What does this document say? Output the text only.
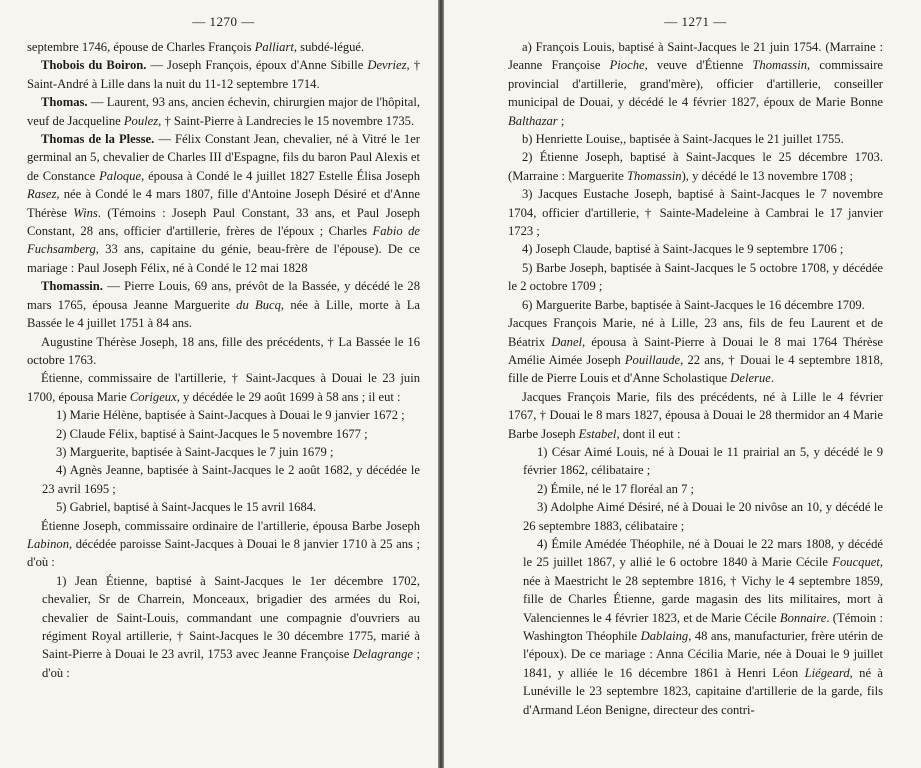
— 1270 —

septembre 1746, épouse de Charles François Palliart, subdé-légué.

Thobois du Boiron. — Joseph François, époux d'Anne Sibille Devriez, † Saint-André à Lille dans la nuit du 11-12 septembre 1714.

Thomas. — Laurent, 93 ans, ancien échevin, chirurgien major de l'hôpital, veuf de Jacqueline Poulez, † Saint-Pierre à Landrecies le 15 novembre 1735.

Thomas de la Plesse. — Félix Constant Jean, chevalier, né à Vitré le 1er germinal an 5, chevalier de Charles III d'Espagne, fils du baron Paul Alexis et de Constance Paloque, épousa à Condé le 4 juillet 1827 Estelle Élisa Joseph Rasez, née à Condé le 4 mars 1807, fille d'Antoine Joseph Désiré et d'Anne Thérèse Wins. (Témoins : Joseph Paul Constant, 33 ans, et Paul Joseph Constant, 28 ans, officier d'artillerie, frères de l'époux ; Charles Fabio de Fuchsamberg, 33 ans, capitaine du génie, beau-frère de l'épouse). De ce mariage : Paul Joseph Félix, né à Condé le 12 mai 1828

Thomassin. — Pierre Louis, 69 ans, prévôt de la Bassée, y décédé le 28 mars 1765, épousa Jeanne Marguerite du Bucq, née à Lille, morte à La Bassée le 4 juillet 1751 à 84 ans.

Augustine Thérèse Joseph, 18 ans, fille des précédents, † La Bassée le 16 octobre 1763.

Étienne, commissaire de l'artillerie, † Saint-Jacques à Douai le 23 juin 1700, épousa Marie Corigeux, y décédée le 29 août 1699 à 58 ans ; il eut :

1) Marie Hélène, baptisée à Saint-Jacques à Douai le 9 janvier 1672 ;

2) Claude Félix, baptisé à Saint-Jacques le 5 novembre 1677 ;

3) Marguerite, baptisée à Saint-Jacques le 7 juin 1679 ;

4) Agnès Jeanne, baptisée à Saint-Jacques le 2 août 1682, y décédée le 23 avril 1695 ;

5) Gabriel, baptisé à Saint-Jacques le 15 avril 1684.

Étienne Joseph, commissaire ordinaire de l'artillerie, épousa Barbe Joseph Labinon, décédée paroisse Saint-Jacques à Douai le 8 janvier 1710 à 25 ans ; d'où :

1) Jean Étienne, baptisé à Saint-Jacques le 1er décembre 1702, chevalier, Sr de Charrein, Monceaux, brigadier des armées du Roi, chevalier de Saint-Louis, commandant une compagnie d'ouvriers au régiment Royal artillerie, † Saint-Jacques le 30 décembre 1775, marié à Saint-Pierre à Douai le 23 avril, 1753 avec Jeanne Françoise Delagrange ; d'où :

— 1271 —

a) François Louis, baptisé à Saint-Jacques le 21 juin 1754. (Marraine : Jeanne Françoise Pioche, veuve d'Étienne Thomassin, commissaire provincial d'artillerie, grand'mère), officier d'artillerie, conseiller municipal de Douai, y décédé le 4 février 1827, époux de Marie Bonne Balthazar ;

b) Henriette Louise,, baptisée à Saint-Jacques le 21 juillet 1755.

2) Étienne Joseph, baptisé à Saint-Jacques le 25 décembre 1703. (Marraine : Marguerite Thomassin), y décédé le 13 novembre 1708 ;

3) Jacques Eustache Joseph, baptisé à Saint-Jacques le 7 novembre 1704, officier d'artillerie, † Sainte-Madeleine à Cambrai le 17 janvier 1723 ;

4) Joseph Claude, baptisé à Saint-Jacques le 9 septembre 1706 ;

5) Barbe Joseph, baptisée à Saint-Jacques le 5 octobre 1708, y décédée le 2 octobre 1709 ;

6) Marguerite Barbe, baptisée à Saint-Jacques le 16 décembre 1709.

Jacques François Marie, né à Lille, 23 ans, fils de feu Laurent et de Béatrix Danel, épousa à Saint-Pierre à Douai le 8 mai 1764 Thérèse Amélie Aimée Joseph Pouillaude, 22 ans, † Douai le 4 septembre 1818, fille de Pierre Louis et d'Anne Scholastique Delerue.

Jacques François Marie, fils des précédents, né à Lille le 4 février 1767, † Douai le 8 mars 1827, épousa à Douai le 28 thermidor an 4 Marie Barbe Joseph Estabel, dont il eut :

1) César Aimé Louis, né à Douai le 11 prairial an 5, y décédé le 9 février 1862, célibataire ;

2) Émile, né le 17 floréal an 7 ;

3) Adolphe Aimé Désiré, né à Douai le 20 nivôse an 10, y décédé le 26 septembre 1883, célibataire ;

4) Émile Amédée Théophile, né à Douai le 22 mars 1808, y décédé le 25 juillet 1867, y allié le 6 octobre 1840 à Marie Cécile Foucquet, née à Maestricht le 28 septembre 1816, † Vichy le 4 septembre 1859, fille de Charles Étienne, garde magasin des lits militaires, mort à Valenciennes le 4 février 1823, et de Marie Cécile Bonnaire. (Témoin : Washington Théophile Dablaing, 48 ans, manufacturier, frère utérin de l'époux). De ce mariage : Anna Cécilia Marie, née à Douai le 9 juillet 1841, y alliée le 16 décembre 1861 à Henri Léon Liégeard, né à Lunéville le 23 septembre 1823, capitaine d'artillerie de la garde, fils d'Armand Léon Benigne, directeur des contri-
